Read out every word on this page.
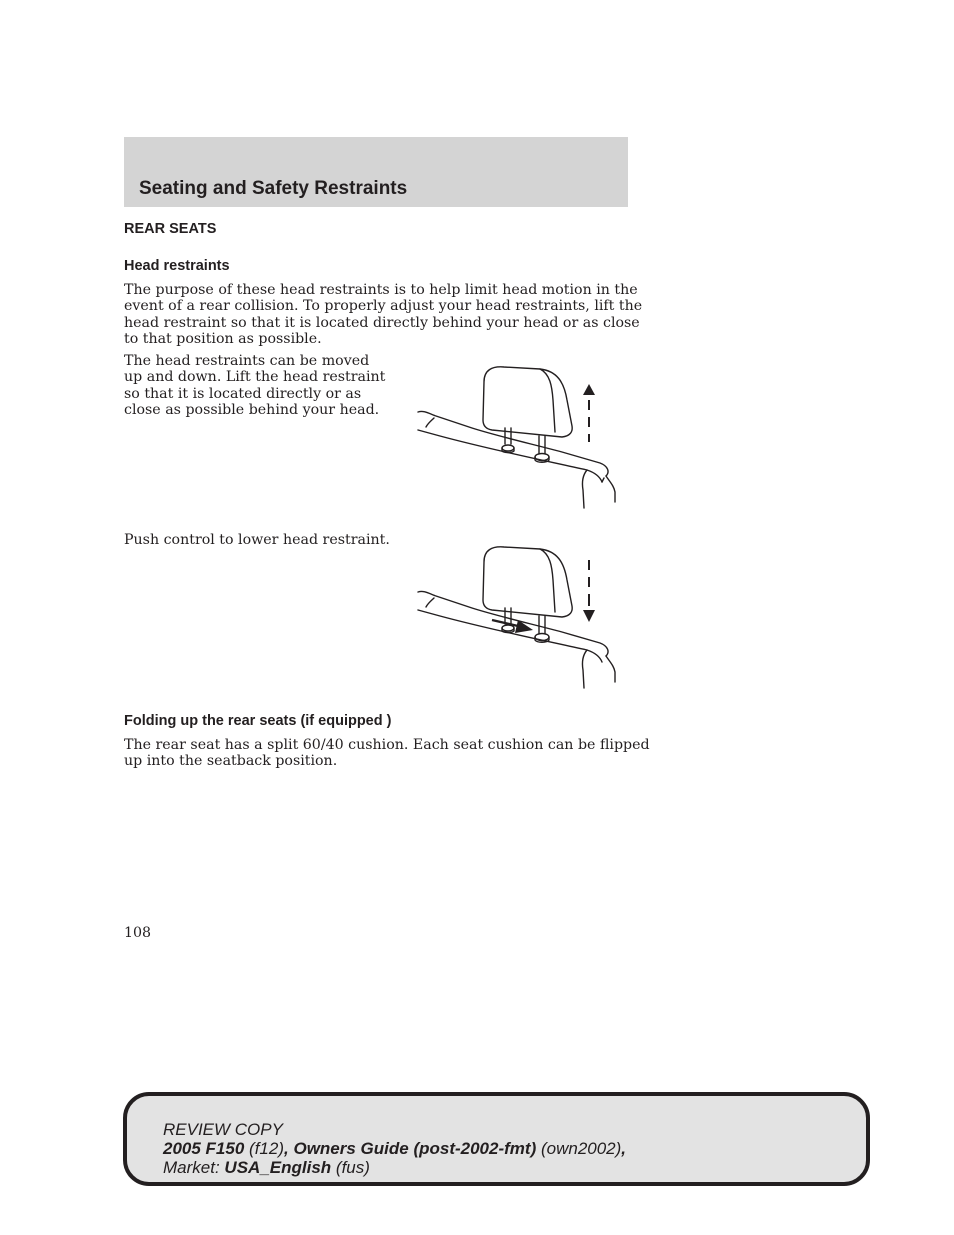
Seating and Safety Restraints
REAR SEATS
Head restraints
The purpose of these head restraints is to help limit head motion in the
event of a rear collision. To properly adjust your head restraints, lift the
head restraint so that it is located directly behind your head or as close
to that position as possible.
The head restraints can be moved
up and down. Lift the head restraint
so that it is located directly or as
close as possible behind your head.
Push control to lower head restraint.
Folding up the rear seats (if equipped )
The rear seat has a split 60/40 cushion. Each seat cushion can be flipped
up into the seatback position.
108
REVIEW COPY
2005 F150 (f12), Owners Guide (post-2002-fmt) (own2002),
Market: USA_English (fus)
